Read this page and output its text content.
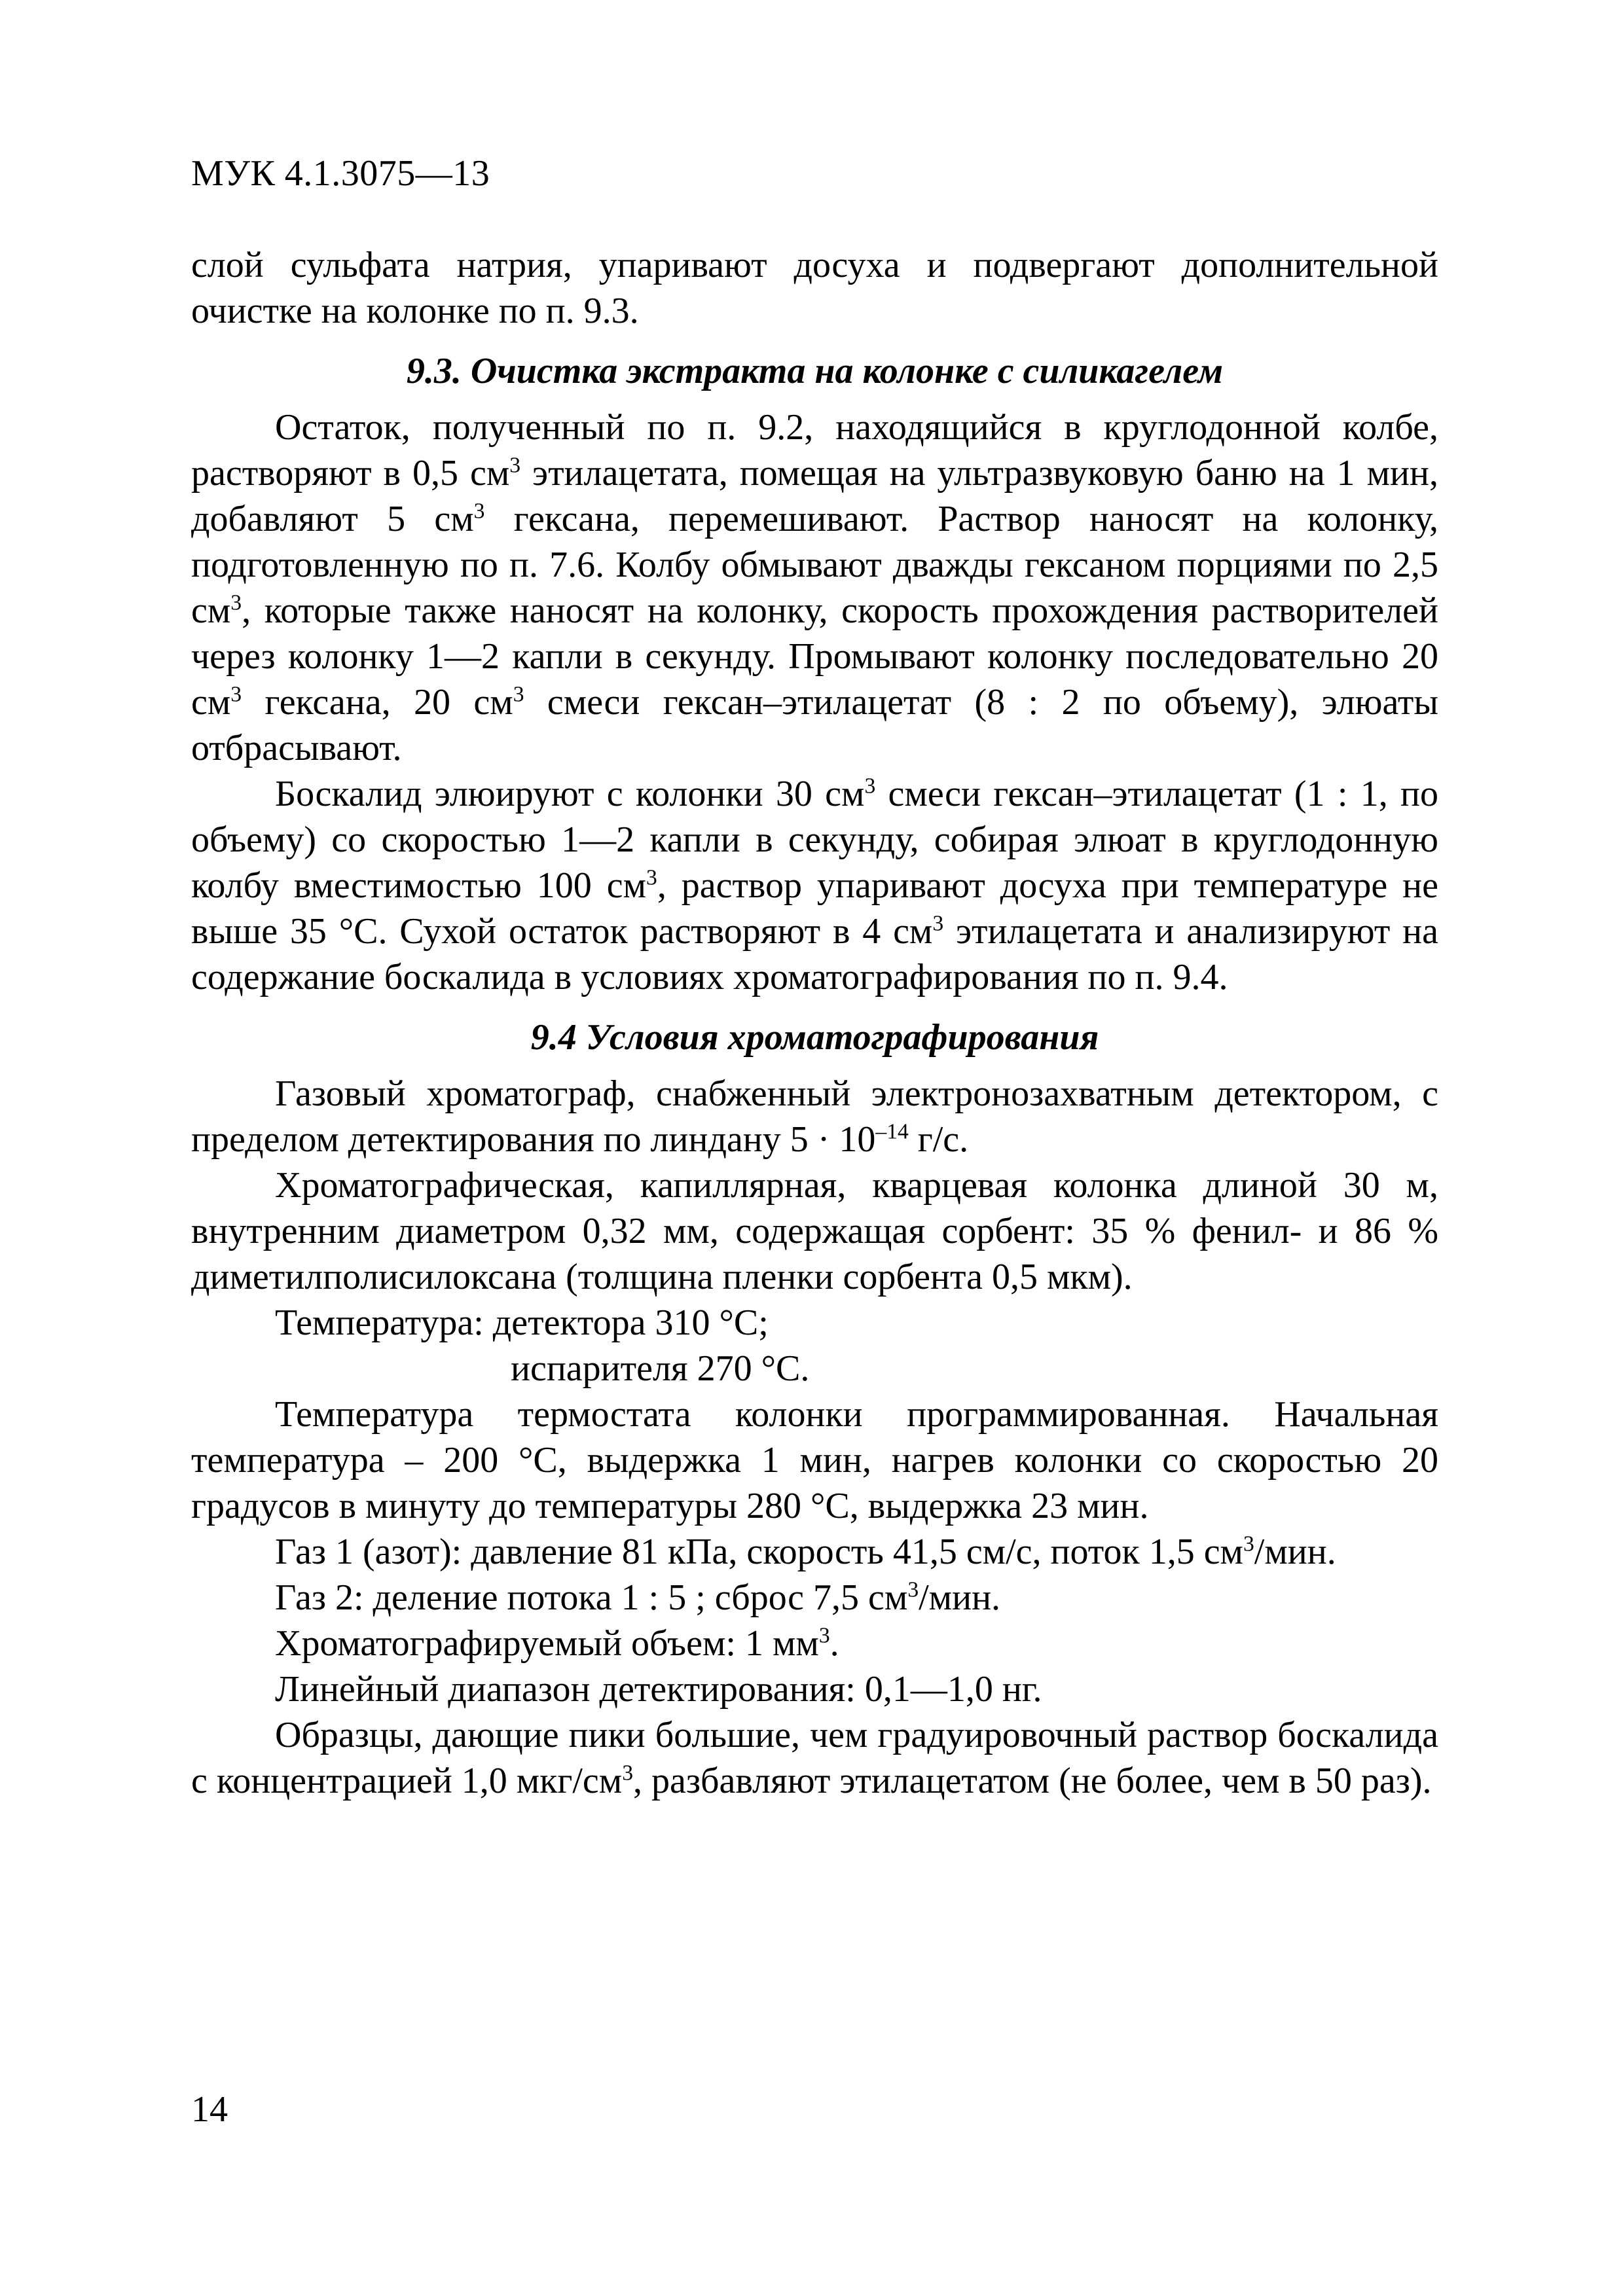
МУК 4.1.3075—13

слой сульфата натрия, упаривают досуха и подвергают дополнительной очистке на колонке по п. 9.3.

9.3. Очистка экстракта на колонке с силикагелем

Остаток, полученный по п. 9.2, находящийся в круглодонной колбе, растворяют в 0,5 $см^3$ этилацетата, помещая на ультразвуковую баню на 1 мин, добавляют 5 $см^3$ гексана, перемешивают. Раствор наносят на колонку, подготовленную по п. 7.6. Колбу обмывают дважды гексаном порциями по 2,5 $см^3$, которые также наносят на колонку, скорость прохождения растворителей через колонку 1—2 капли в секунду. Промывают колонку последовательно 20 $см^3$ гексана, 20 $см^3$ смеси гексан–этилацетат (8 : 2 по объему), элюаты отбрасывают.

Боскалид элюируют с колонки 30 $см^3$ смеси гексан–этилацетат (1 : 1, по объему) со скоростью 1—2 капли в секунду, собирая элюат в круглодонную колбу вместимостью 100 $см^3$, раствор упаривают досуха при температуре не выше 35 °С. Сухой остаток растворяют в 4 $см^3$ этилацетата и анализируют на содержание боскалида в условиях хроматографирования по п. 9.4.

9.4 Условия хроматографирования

Газовый хроматограф, снабженный электронозахватным детектором, с пределом детектирования по линдану $5 \cdot 10^{-14}$ г/с.

Хроматографическая, капиллярная, кварцевая колонка длиной 30 м, внутренним диаметром 0,32 мм, содержащая сорбент: 35 % фенил- и 86 % диметилполисилоксана (толщина пленки сорбента 0,5 мкм).

Температура: детектора 310 °С;

испарителя 270 °С.

Температура термостата колонки программированная. Начальная температура – 200 °С, выдержка 1 мин, нагрев колонки со скоростью 20 градусов в минуту до температуры 280 °С, выдержка 23 мин.

Газ 1 (азот): давление 81 кПа, скорость 41,5 см/с, поток 1,5 $см^3$/мин.

Газ 2: деление потока 1 : 5 ; сброс 7,5 $см^3$/мин.

Хроматографируемый объем: 1 $мм^3$.

Линейный диапазон детектирования: 0,1—1,0 нг.

Образцы, дающие пики большие, чем градуировочный раствор боскалида с концентрацией 1,0 мкг/$см^3$, разбавляют этилацетатом (не более, чем в 50 раз).

14
